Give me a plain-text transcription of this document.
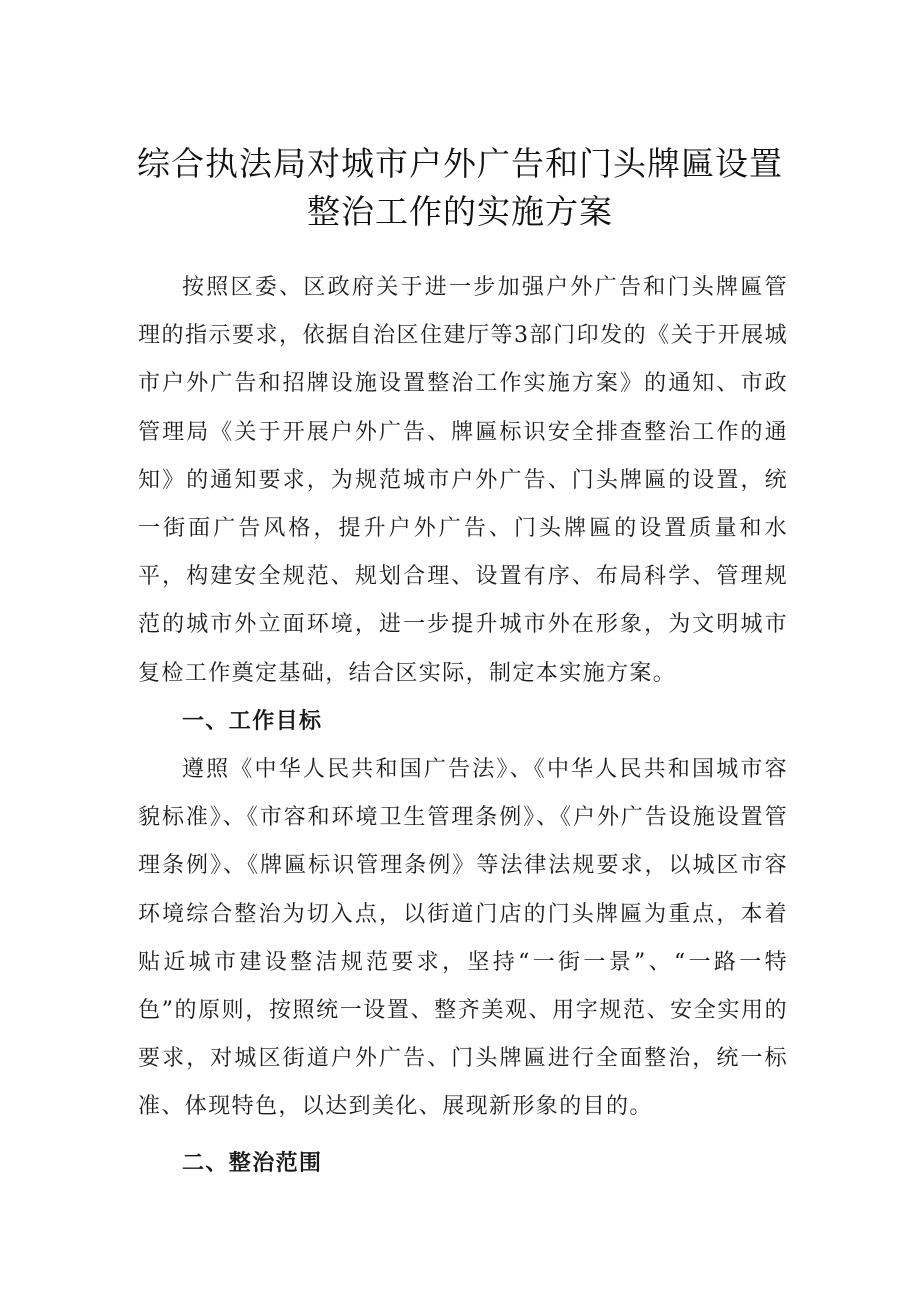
综合执法局对城市户外广告和门头牌匾设置
整治工作的实施方案

按照区委、区政府关于进一步加强户外广告和门头牌匾管理的指示要求，依据自治区住建厅等3部门印发的《关于开展城市户外广告和招牌设施设置整治工作实施方案》的通知、市政管理局《关于开展户外广告、牌匾标识安全排查整治工作的通知》的通知要求，为规范城市户外广告、门头牌匾的设置，统一街面广告风格，提升户外广告、门头牌匾的设置质量和水平，构建安全规范、规划合理、设置有序、布局科学、管理规范的城市外立面环境，进一步提升城市外在形象，为文明城市复检工作奠定基础，结合区实际，制定本实施方案。

一、工作目标

遵照《中华人民共和国广告法》、《中华人民共和国城市容貌标准》、《市容和环境卫生管理条例》、《户外广告设施设置管理条例》、《牌匾标识管理条例》等法律法规要求，以城区市容环境综合整治为切入点，以街道门店的门头牌匾为重点，本着贴近城市建设整洁规范要求，坚持“一街一景”、“一路一特色”的原则，按照统一设置、整齐美观、用字规范、安全实用的要求，对城区街道户外广告、门头牌匾进行全面整治，统一标准、体现特色，以达到美化、展现新形象的目的。

二、整治范围
